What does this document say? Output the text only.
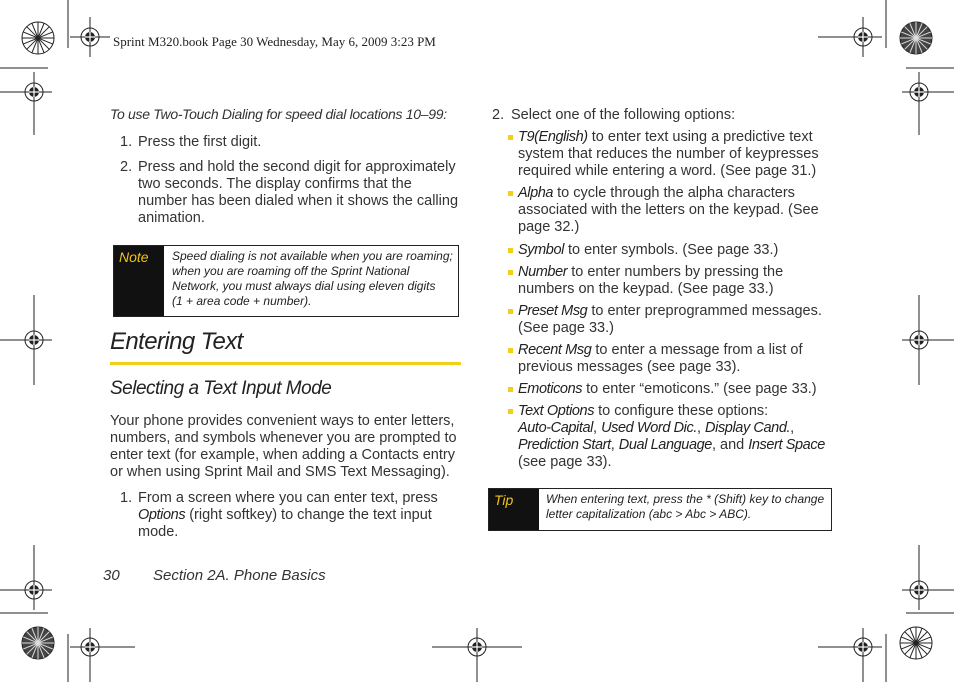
Sprint M320.book Page 30 Wednesday, May 6, 2009 3:23 PM
To use Two-Touch Dialing for speed dial locations 10–99:
1. Press the first digit.
2. Press and hold the second digit for approximately two seconds. The display confirms that the number has been dialed when it shows the calling animation.
Note	Speed dialing is not available when you are roaming;
when you are roaming off the Sprint National
Network, you must always dial using eleven digits
(1 + area code + number).
Entering Text
Selecting a Text Input Mode
Your phone provides convenient ways to enter letters, numbers, and symbols whenever you are prompted to enter text (for example, when adding a Contacts entry or when using Sprint Mail and SMS Text Messaging).
1. From a screen where you can enter text, press Options (right softkey) to change the text input mode.
30 Section 2A. Phone Basics
2. Select one of the following options:
T9(English) to enter text using a predictive text system that reduces the number of keypresses required while entering a word. (See page 31.)
Alpha to cycle through the alpha characters associated with the letters on the keypad. (See page 32.)
Symbol to enter symbols. (See page 33.)
Number to enter numbers by pressing the numbers on the keypad. (See page 33.)
Preset Msg to enter preprogrammed messages. (See page 33.)
Recent Msg to enter a message from a list of previous messages (see page 33).
Emoticons to enter “emoticons.” (see page 33.)
Text Options to configure these options:
Auto-Capital, Used Word Dic., Display Cand., Prediction Start, Dual Language, and Insert Space (see page 33).
Tip	When entering text, press the * (Shift) key to change
letter capitalization (abc > Abc > ABC).
